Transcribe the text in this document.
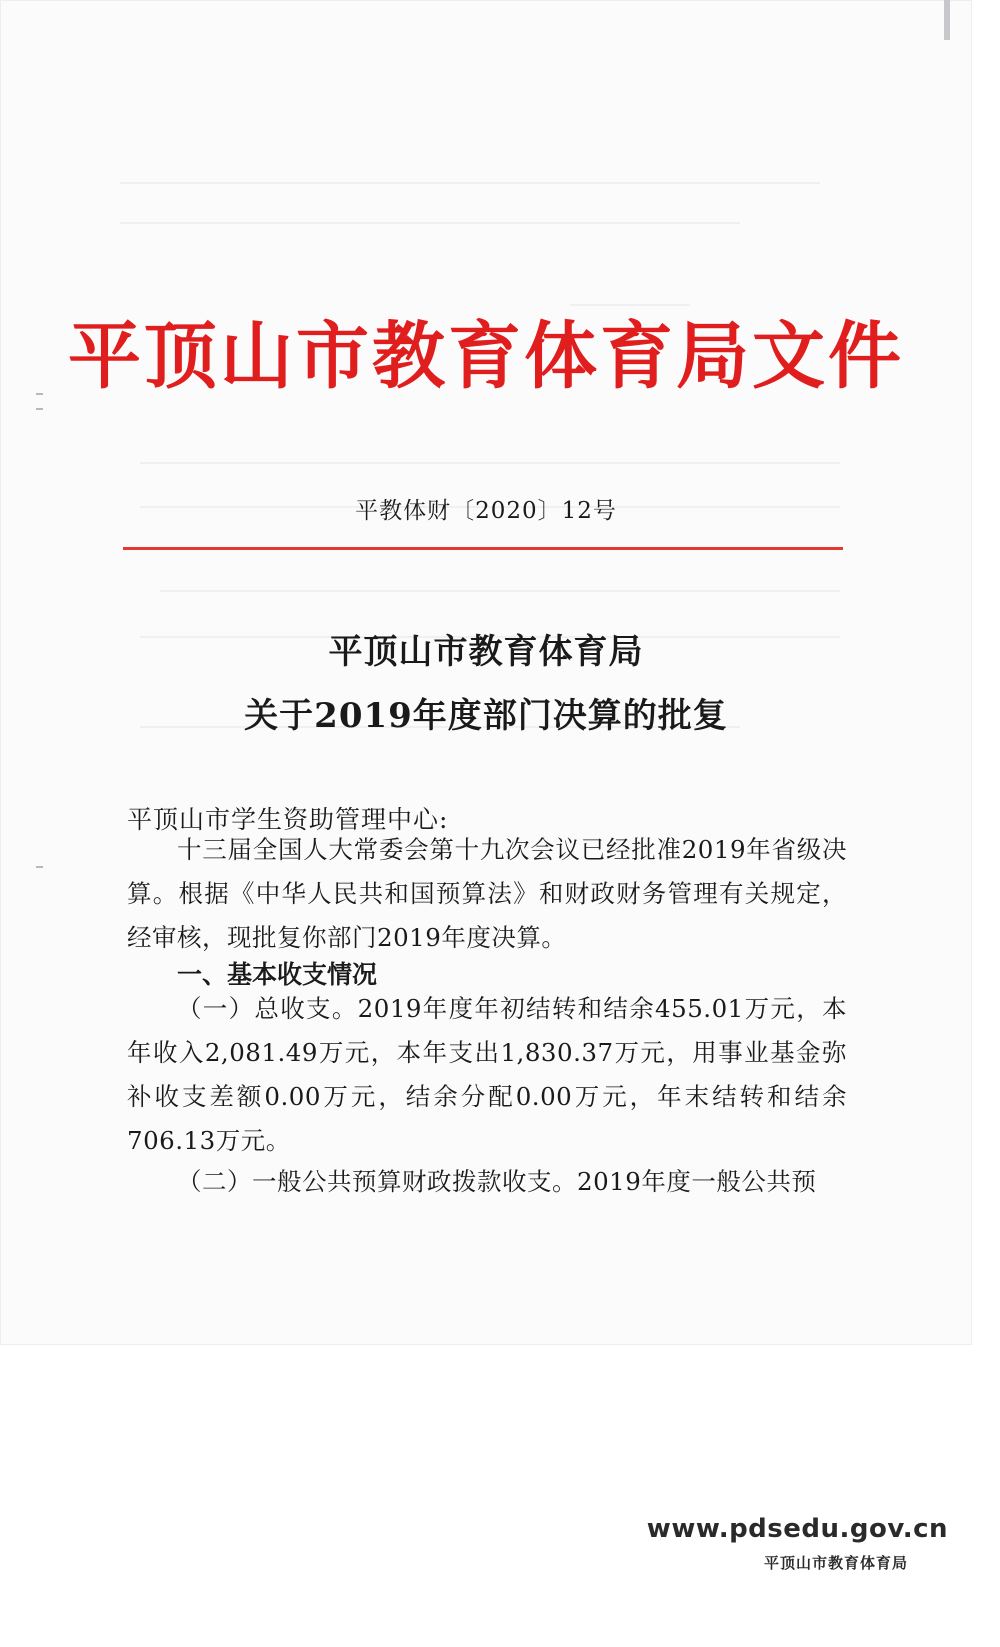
平顶山市教育体育局文件
平教体财〔2020〕12号
平顶山市教育体育局
关于2019年度部门决算的批复
平顶山市学生资助管理中心:
十三届全国人大常委会第十九次会议已经批准2019年省级决算。根据《中华人民共和国预算法》和财政财务管理有关规定，经审核，现批复你部门2019年度决算。
一、基本收支情况
（一）总收支。2019年度年初结转和结余455.01万元，本年收入2,081.49万元，本年支出1,830.37万元，用事业基金弥补收支差额0.00万元，结余分配0.00万元，年末结转和结余706.13万元。
（二）一般公共预算财政拨款收支。2019年度一般公共预
www.pdsedu.gov.cn
平顶山市教育体育局
